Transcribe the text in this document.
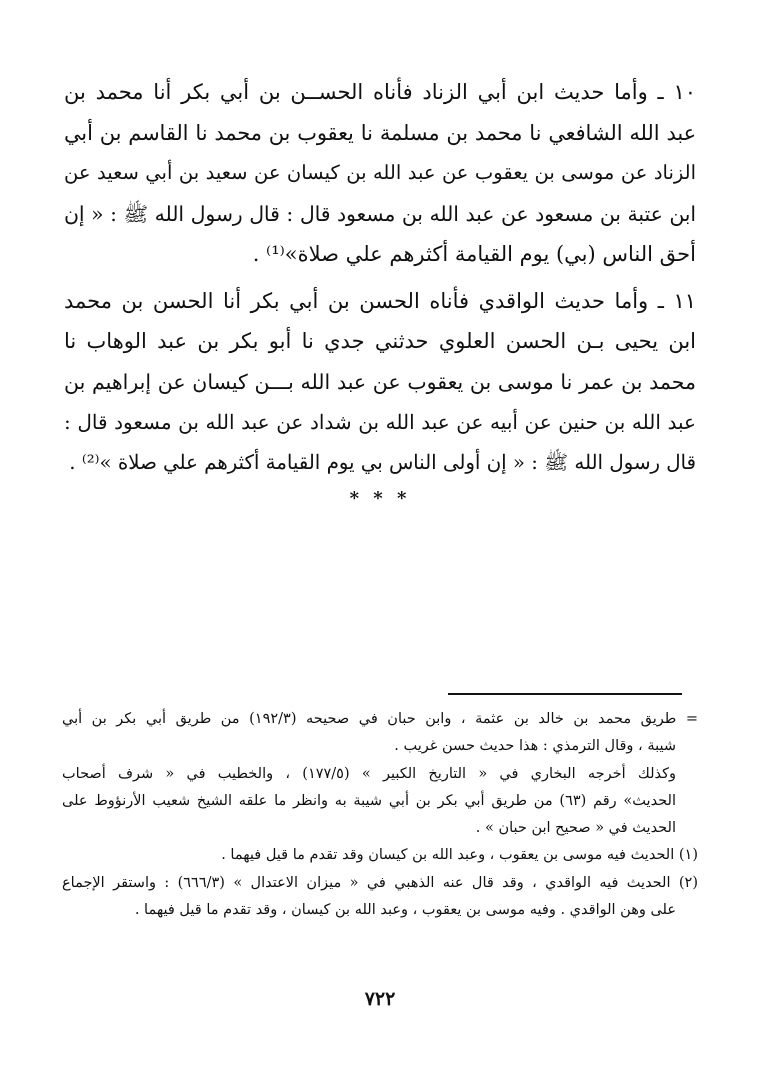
١٠ ـ وأما حديث ابن أبي الزناد فأناه الحســن بن أبي بكر أنا محمد بن
عبد الله الشافعي نا محمد بن مسلمة نا يعقوب بن محمد نا القاسم بن أبي
الزناد عن موسى بن يعقوب عن عبد الله بن كيسان عن سعيد بن أبي سعيد عن
ابن عتبة بن مسعود عن عبد الله بن مسعود قال : قال رسول الله ﷺ : « إن
أحق الناس (بي) يوم القيامة أكثرهم علي صلاة»⁽¹⁾ .
١١ ـ وأما حديث الواقدي فأناه الحسن بن أبي بكر أنا الحسن بن محمد
ابن يحيى بـن الحسن العلوي حدثني جدي نا أبو بكر بن عبد الوهاب نا
محمد بن عمر نا موسى بن يعقوب عن عبد الله بـــن كيسان عن إبراهيم بن
عبد الله بن حنين عن أبيه عن عبد الله بن شداد عن عبد الله بن مسعود قال :
قال رسول الله ﷺ : « إن أولى الناس بي يوم القيامة أكثرهم علي صلاة »⁽²⁾ .
* * *
= طريق محمد بن خالد بن عثمة ، وابن حبان في صحيحه (١٩٢/٣) من طريق أبي بكر بن أبي
شيبة ، وقال الترمذي : هذا حديث حسن غريب .
وكذلك أخرجه البخاري في « التاريخ الكبير » (١٧٧/٥) ، والخطيب في « شرف أصحاب
الحديث» رقم (٦٣) من طريق أبي بكر بن أبي شيبة به وانظر ما علقه الشيخ شعيب الأرنؤوط على
الحديث في « صحيح ابن حبان » .
(١) الحديث فيه موسى بن يعقوب ، وعبد الله بن كيسان وقد تقدم ما قيل فيهما .
(٢) الحديث فيه الواقدي ، وقد قال عنه الذهبي في « ميزان الاعتدال » (٦٦٦/٣) : واستقر الإجماع
على وهن الواقدي . وفيه موسى بن يعقوب ، وعبد الله بن كيسان ، وقد تقدم ما قيل فيهما .
٧٢٢
